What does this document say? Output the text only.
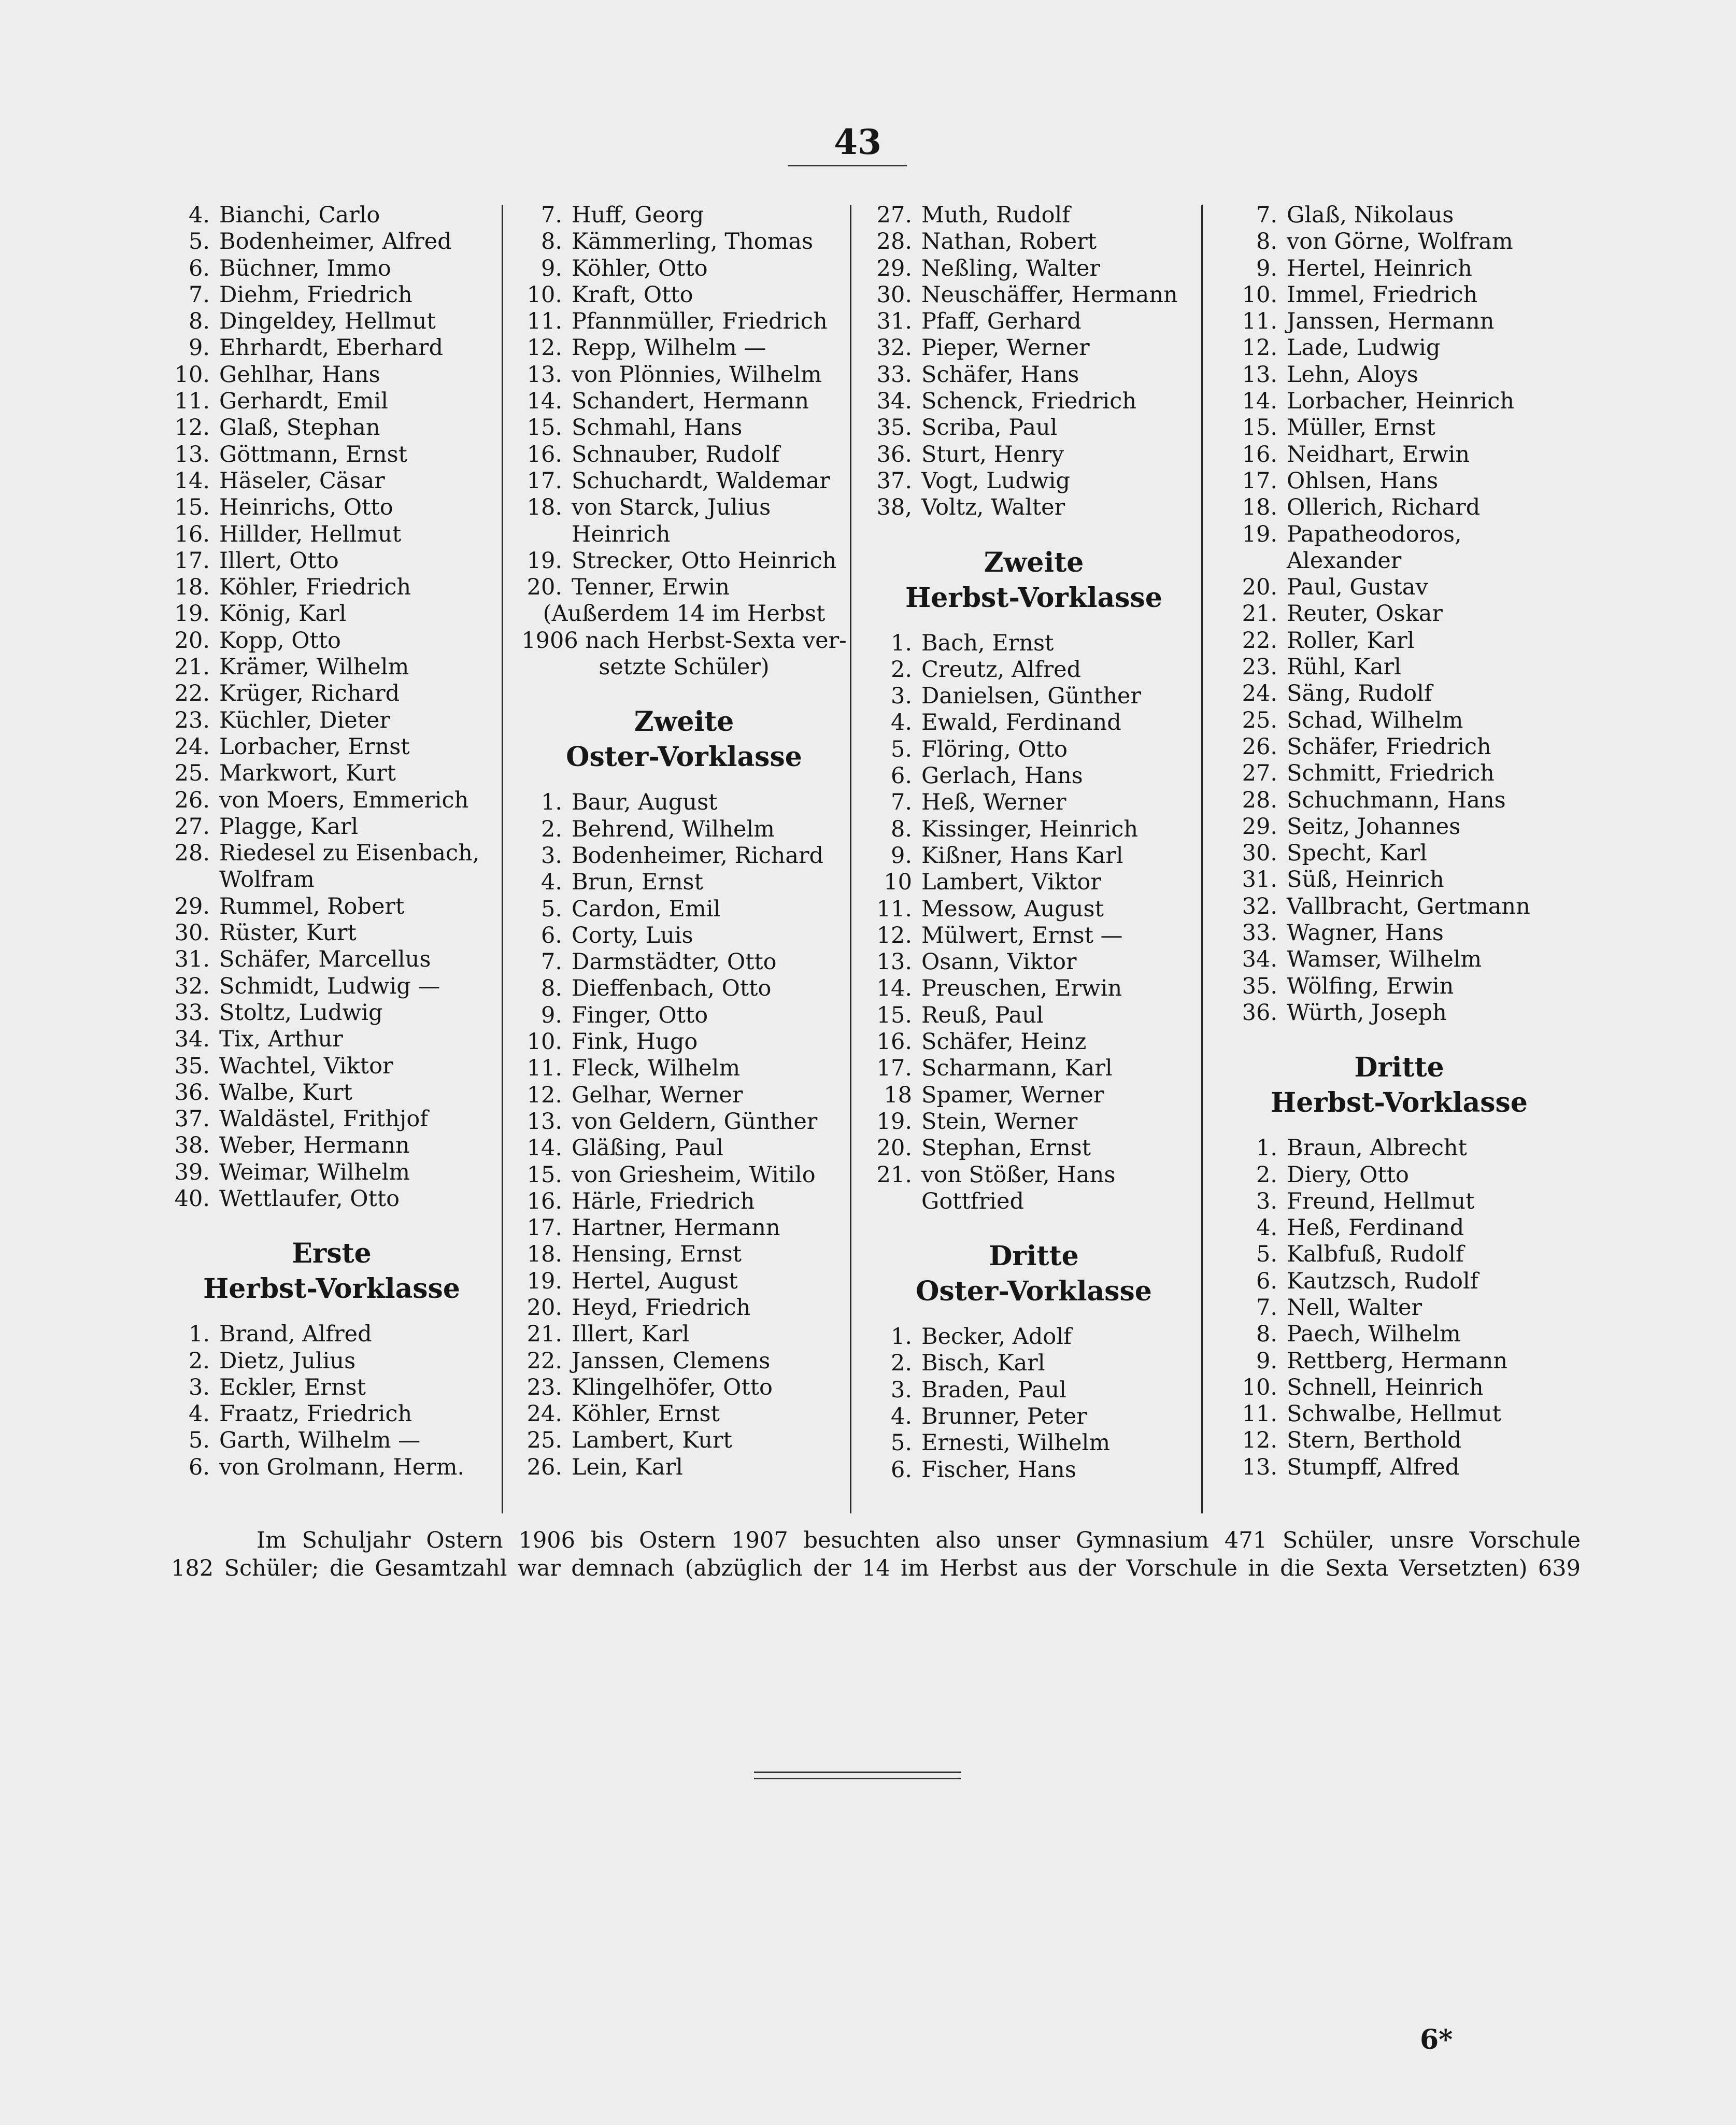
43
4. Bianchi, Carlo
5. Bodenheimer, Alfred
6. Büchner, Immo
7. Diehm, Friedrich
8. Dingeldey, Hellmut
9. Ehrhardt, Eberhard
10. Gehlhar, Hans
11. Gerhardt, Emil
12. Glaß, Stephan
13. Göttmann, Ernst
14. Häseler, Cäsar
15. Heinrichs, Otto
16. Hillder, Hellmut
17. Illert, Otto
18. Köhler, Friedrich
19. König, Karl
20. Kopp, Otto
21. Krämer, Wilhelm
22. Krüger, Richard
23. Küchler, Dieter
24. Lorbacher, Ernst
25. Markwort, Kurt
26. von Moers, Emmerich
27. Plagge, Karl
28. Riedesel zu Eisenbach,
Wolfram
29. Rummel, Robert
30. Rüster, Kurt
31. Schäfer, Marcellus
32. Schmidt, Ludwig —
33. Stoltz, Ludwig
34. Tix, Arthur
35. Wachtel, Viktor
36. Walbe, Kurt
37. Waldästel, Frithjof
38. Weber, Hermann
39. Weimar, Wilhelm
40. Wettlaufer, Otto
Erste
Herbst-Vorklasse
1. Brand, Alfred
2. Dietz, Julius
3. Eckler, Ernst
4. Fraatz, Friedrich
5. Garth, Wilhelm —
6. von Grolmann, Herm.
7. Huff, Georg
8. Kämmerling, Thomas
9. Köhler, Otto
10. Kraft, Otto
11. Pfannmüller, Friedrich
12. Repp, Wilhelm —
13. von Plönnies, Wilhelm
14. Schandert, Hermann
15. Schmahl, Hans
16. Schnauber, Rudolf
17. Schuchardt, Waldemar
18. von Starck, Julius
Heinrich
19. Strecker, Otto Heinrich
20. Tenner, Erwin
(Außerdem 14 im Herbst
1906 nach Herbst-Sexta ver-
setzte Schüler)
Zweite
Oster-Vorklasse
1. Baur, August
2. Behrend, Wilhelm
3. Bodenheimer, Richard
4. Brun, Ernst
5. Cardon, Emil
6. Corty, Luis
7. Darmstädter, Otto
8. Dieffenbach, Otto
9. Finger, Otto
10. Fink, Hugo
11. Fleck, Wilhelm
12. Gelhar, Werner
13. von Geldern, Günther
14. Gläßing, Paul
15. von Griesheim, Witilo
16. Härle, Friedrich
17. Hartner, Hermann
18. Hensing, Ernst
19. Hertel, August
20. Heyd, Friedrich
21. Illert, Karl
22. Janssen, Clemens
23. Klingelhöfer, Otto
24. Köhler, Ernst
25. Lambert, Kurt
26. Lein, Karl
27. Muth, Rudolf
28. Nathan, Robert
29. Neßling, Walter
30. Neuschäffer, Hermann
31. Pfaff, Gerhard
32. Pieper, Werner
33. Schäfer, Hans
34. Schenck, Friedrich
35. Scriba, Paul
36. Sturt, Henry
37. Vogt, Ludwig
38, Voltz, Walter
Zweite
Herbst-Vorklasse
1. Bach, Ernst
2. Creutz, Alfred
3. Danielsen, Günther
4. Ewald, Ferdinand
5. Flöring, Otto
6. Gerlach, Hans
7. Heß, Werner
8. Kissinger, Heinrich
9. Kißner, Hans Karl
10 Lambert, Viktor
11. Messow, August
12. Mülwert, Ernst —
13. Osann, Viktor
14. Preuschen, Erwin
15. Reuß, Paul
16. Schäfer, Heinz
17. Scharmann, Karl
18 Spamer, Werner
19. Stein, Werner
20. Stephan, Ernst
21. von Stößer, Hans
Gottfried
Dritte
Oster-Vorklasse
1. Becker, Adolf
2. Bisch, Karl
3. Braden, Paul
4. Brunner, Peter
5. Ernesti, Wilhelm
6. Fischer, Hans
7. Glaß, Nikolaus
8. von Görne, Wolfram
9. Hertel, Heinrich
10. Immel, Friedrich
11. Janssen, Hermann
12. Lade, Ludwig
13. Lehn, Aloys
14. Lorbacher, Heinrich
15. Müller, Ernst
16. Neidhart, Erwin
17. Ohlsen, Hans
18. Ollerich, Richard
19. Papatheodoros,
Alexander
20. Paul, Gustav
21. Reuter, Oskar
22. Roller, Karl
23. Rühl, Karl
24. Säng, Rudolf
25. Schad, Wilhelm
26. Schäfer, Friedrich
27. Schmitt, Friedrich
28. Schuchmann, Hans
29. Seitz, Johannes
30. Specht, Karl
31. Süß, Heinrich
32. Vallbracht, Gertmann
33. Wagner, Hans
34. Wamser, Wilhelm
35. Wölfing, Erwin
36. Würth, Joseph
Dritte
Herbst-Vorklasse
1. Braun, Albrecht
2. Diery, Otto
3. Freund, Hellmut
4. Heß, Ferdinand
5. Kalbfuß, Rudolf
6. Kautzsch, Rudolf
7. Nell, Walter
8. Paech, Wilhelm
9. Rettberg, Hermann
10. Schnell, Heinrich
11. Schwalbe, Hellmut
12. Stern, Berthold
13. Stumpff, Alfred

Im Schuljahr Ostern 1906 bis Ostern 1907 besuchten also unser Gymnasium 471 Schüler, unsre Vorschule

182 Schüler; die Gesamtzahl war demnach (abzüglich der 14 im Herbst aus der Vorschule in die Sexta Versetzten) 639

6*
